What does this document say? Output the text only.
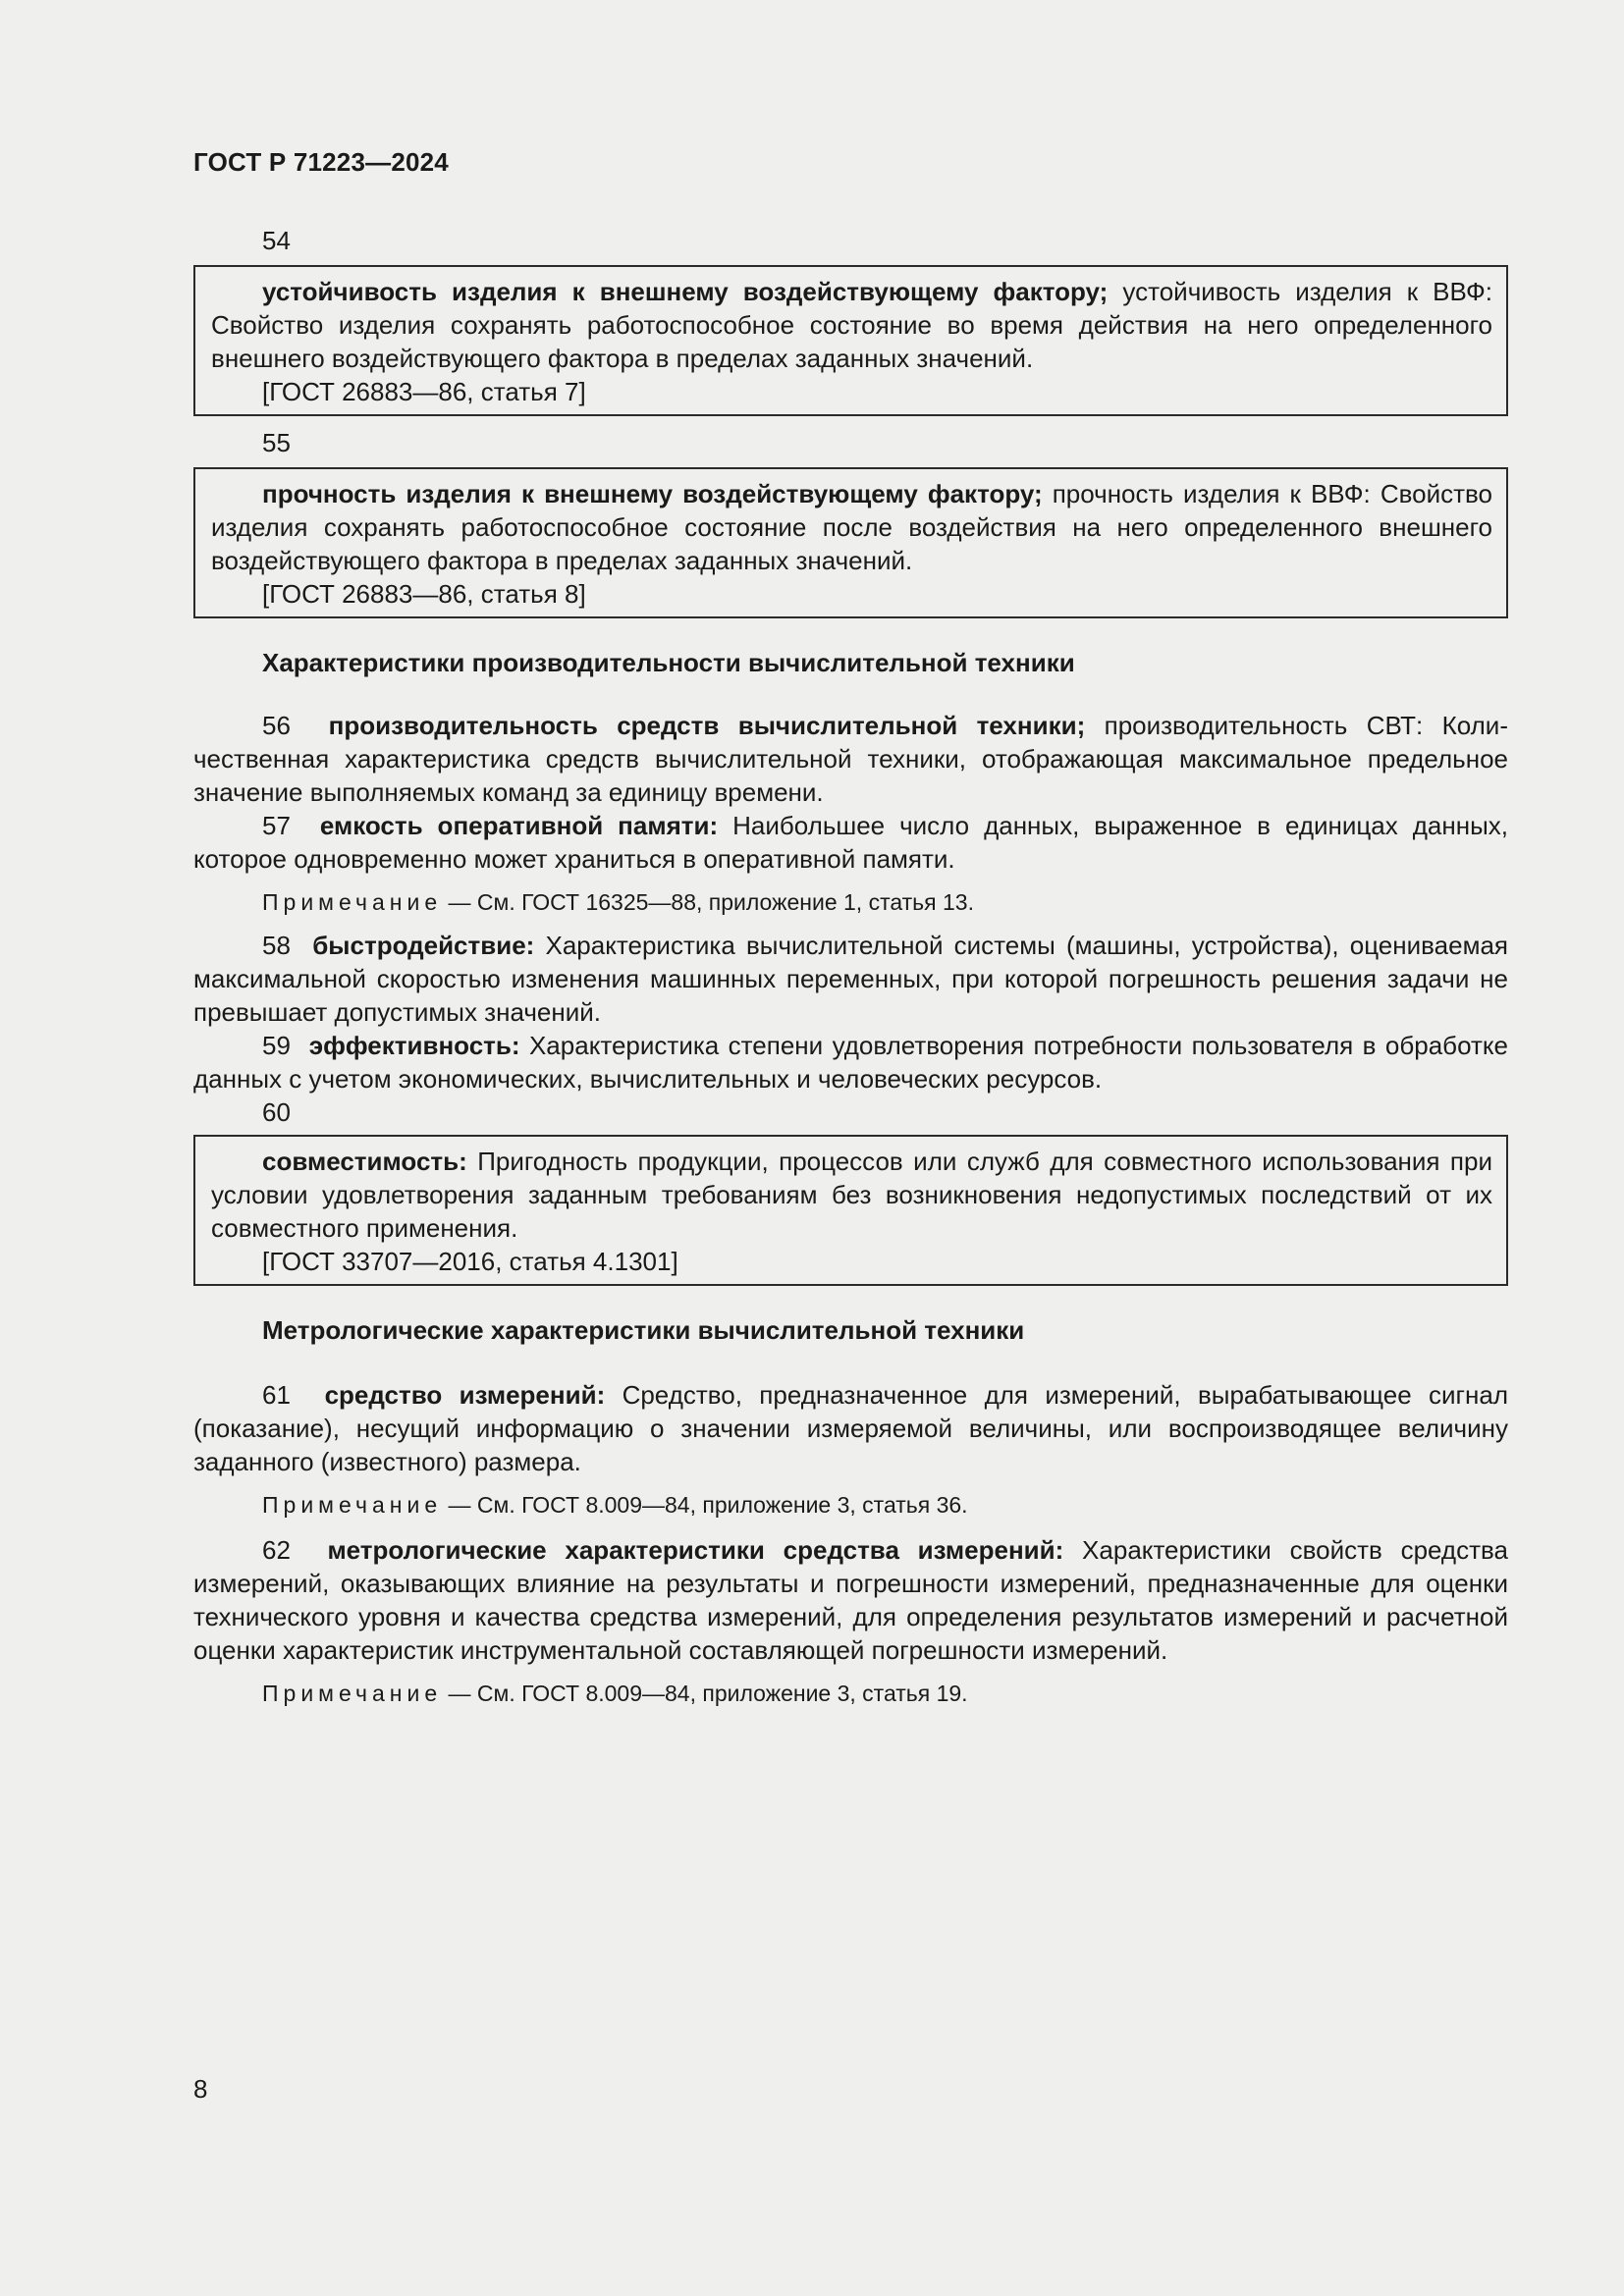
ГОСТ Р 71223—2024
54

устойчивость изделия к внешнему воздействующему фактору; устойчивость изделия к ВВФ: Свойство изделия сохранять работоспособное состояние во время действия на него определенного внешнего воздействующего фактора в пределах заданных значений.

[ГОСТ 26883—86, статья 7]

55

прочность изделия к внешнему воздействующему фактору; прочность изделия к ВВФ: Свойство изделия сохранять работоспособное состояние после воздействия на него определенного внешнего воздействующего фактора в пределах заданных значений.

[ГОСТ 26883—86, статья 8]

Характеристики производительности вычислительной техники
56 производительность средств вычислительной техники; производительность СВТ: Количественная характеристика средств вычислительной техники, отображающая максимальное предельное значение выполняемых команд за единицу времени.
57 емкость оперативной памяти: Наибольшее число данных, выраженное в единицах данных, которое одновременно может храниться в оперативной памяти.
Примечание — См. ГОСТ 16325—88, приложение 1, статья 13.
58 быстродействие: Характеристика вычислительной системы (машины, устройства), оцениваемая максимальной скоростью изменения машинных переменных, при которой погрешность решения задачи не превышает допустимых значений.
59 эффективность: Характеристика степени удовлетворения потребности пользователя в обработке данных с учетом экономических, вычислительных и человеческих ресурсов.
60

совместимость: Пригодность продукции, процессов или служб для совместного использования при условии удовлетворения заданным требованиям без возникновения недопустимых последствий от их совместного применения.

[ГОСТ 33707—2016, статья 4.1301]

Метрологические характеристики вычислительной техники
61 средство измерений: Средство, предназначенное для измерений, вырабатывающее сигнал (показание), несущий информацию о значении измеряемой величины, или воспроизводящее величину заданного (известного) размера.
Примечание — См. ГОСТ 8.009—84, приложение 3, статья 36.
62 метрологические характеристики средства измерений: Характеристики свойств средства измерений, оказывающих влияние на результаты и погрешности измерений, предназначенные для оценки технического уровня и качества средства измерений, для определения результатов измерений и расчетной оценки характеристик инструментальной составляющей погрешности измерений.
Примечание — См. ГОСТ 8.009—84, приложение 3, статья 19.
8
